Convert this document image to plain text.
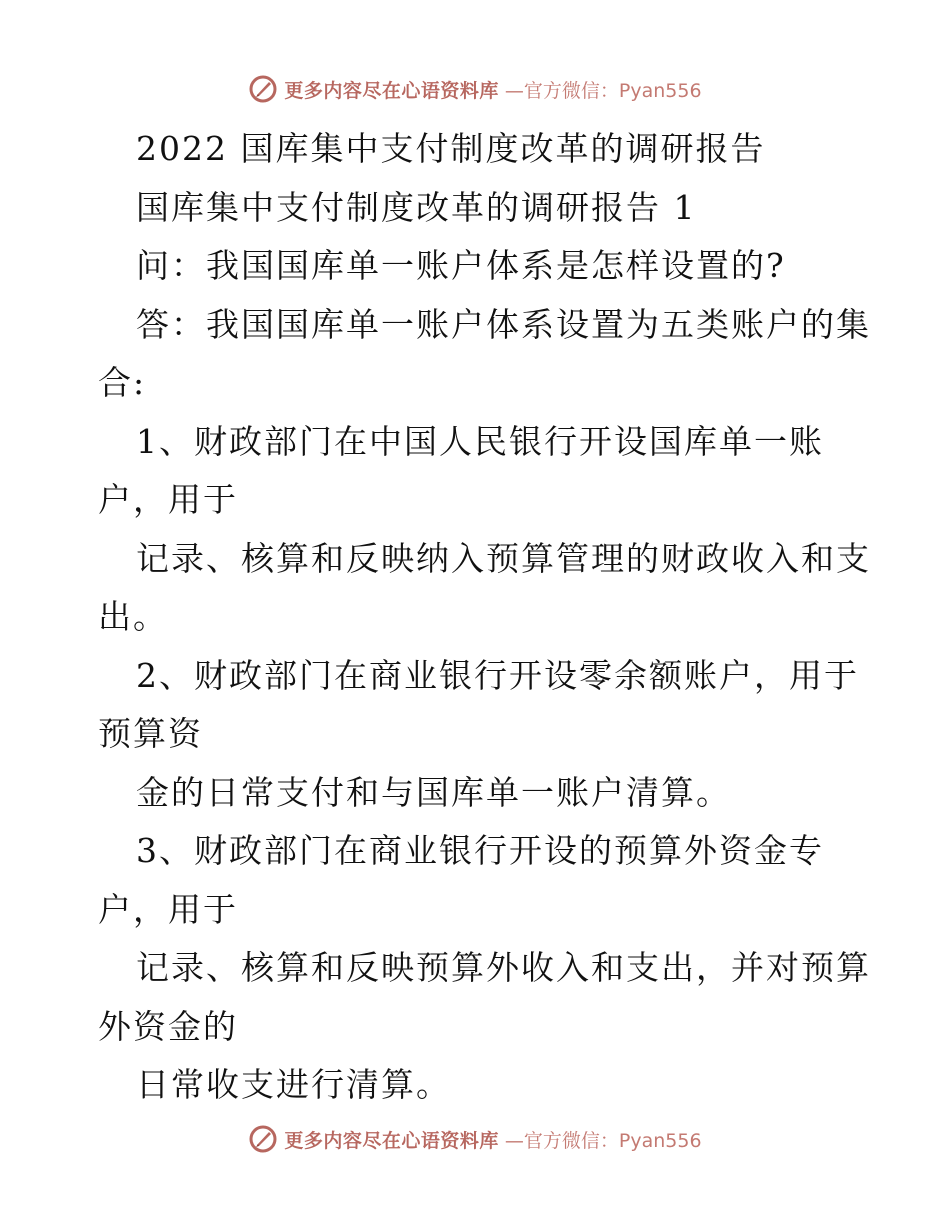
更多内容尽在心语资料库 —官方微信：Pyan556
2022 国库集中支付制度改革的调研报告
国库集中支付制度改革的调研报告 1
问：我国国库单一账户体系是怎样设置的?
答：我国国库单一账户体系设置为五类账户的集
合:
1、财政部门在中国人民银行开设国库单一账
户，用于
记录、核算和反映纳入预算管理的财政收入和支
出。
2、财政部门在商业银行开设零余额账户，用于
预算资
金的日常支付和与国库单一账户清算。
3、财政部门在商业银行开设的预算外资金专
户，用于
记录、核算和反映预算外收入和支出，并对预算
外资金的
日常收支进行清算。
更多内容尽在心语资料库 —官方微信：Pyan556
